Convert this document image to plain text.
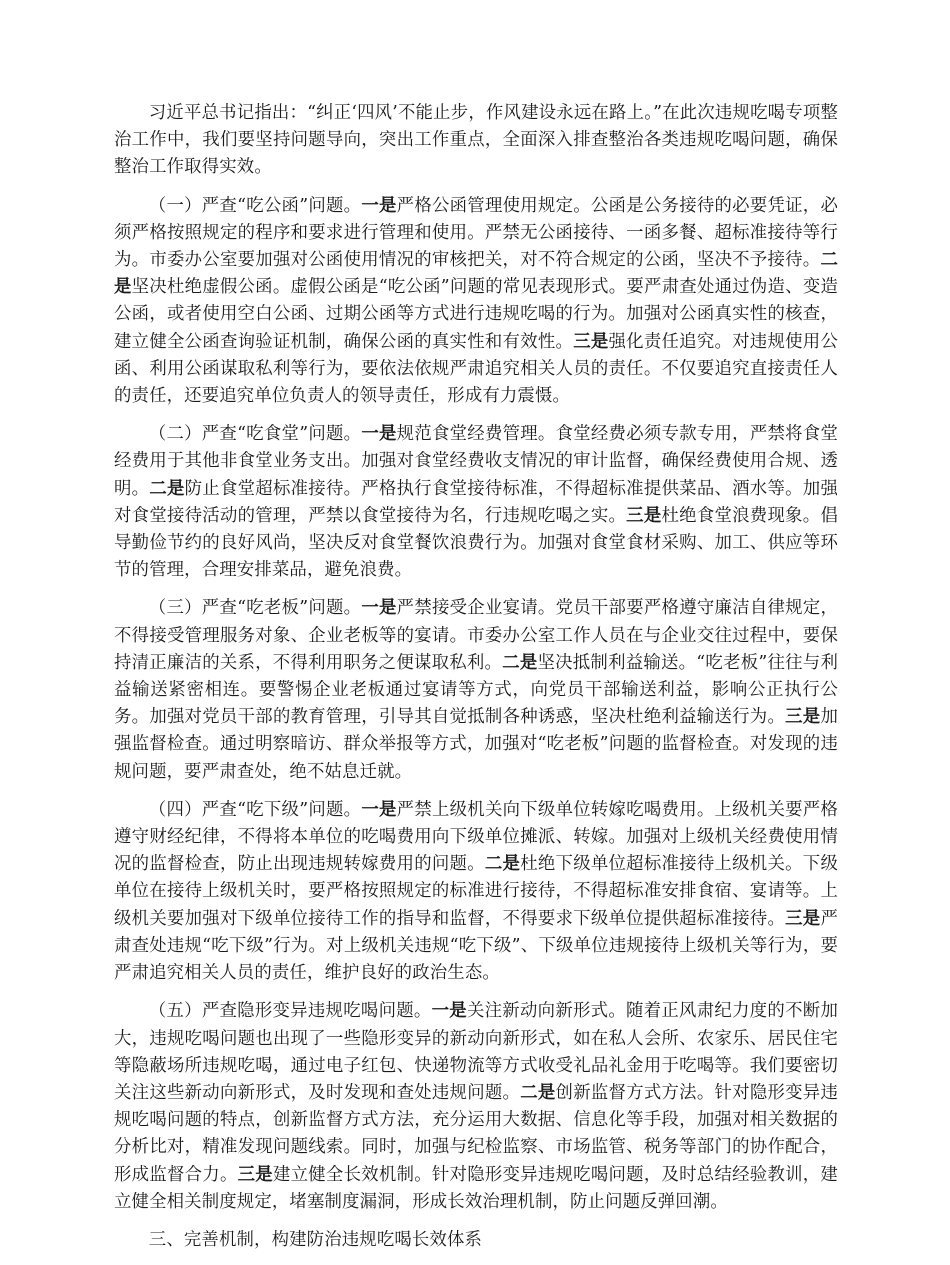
习近平总书记指出：“纠正‘四风’不能止步，作风建设永远在路上。”在此次违规吃喝专项整治工作中，我们要坚持问题导向，突出工作重点，全面深入排查整治各类违规吃喝问题，确保整治工作取得实效。

（一）严查“吃公函”问题。一是严格公函管理使用规定。公函是公务接待的必要凭证，必须严格按照规定的程序和要求进行管理和使用。严禁无公函接待、一函多餐、超标准接待等行为。市委办公室要加强对公函使用情况的审核把关，对不符合规定的公函，坚决不予接待。二是坚决杜绝虚假公函。虚假公函是“吃公函”问题的常见表现形式。要严肃查处通过伪造、变造公函，或者使用空白公函、过期公函等方式进行违规吃喝的行为。加强对公函真实性的核查，建立健全公函查询验证机制，确保公函的真实性和有效性。三是强化责任追究。对违规使用公函、利用公函谋取私利等行为，要依法依规严肃追究相关人员的责任。不仅要追究直接责任人的责任，还要追究单位负责人的领导责任，形成有力震慑。

（二）严查“吃食堂”问题。一是规范食堂经费管理。食堂经费必须专款专用，严禁将食堂经费用于其他非食堂业务支出。加强对食堂经费收支情况的审计监督，确保经费使用合规、透明。二是防止食堂超标准接待。严格执行食堂接待标准，不得超标准提供菜品、酒水等。加强对食堂接待活动的管理，严禁以食堂接待为名，行违规吃喝之实。三是杜绝食堂浪费现象。倡导勤俭节约的良好风尚，坚决反对食堂餐饮浪费行为。加强对食堂食材采购、加工、供应等环节的管理，合理安排菜品，避免浪费。

（三）严查“吃老板”问题。一是严禁接受企业宴请。党员干部要严格遵守廉洁自律规定，不得接受管理服务对象、企业老板等的宴请。市委办公室工作人员在与企业交往过程中，要保持清正廉洁的关系，不得利用职务之便谋取私利。二是坚决抵制利益输送。“吃老板”往往与利益输送紧密相连。要警惕企业老板通过宴请等方式，向党员干部输送利益，影响公正执行公务。加强对党员干部的教育管理，引导其自觉抵制各种诱惑，坚决杜绝利益输送行为。三是加强监督检查。通过明察暗访、群众举报等方式，加强对“吃老板”问题的监督检查。对发现的违规问题，要严肃查处，绝不姑息迁就。

（四）严查“吃下级”问题。一是严禁上级机关向下级单位转嫁吃喝费用。上级机关要严格遵守财经纪律，不得将本单位的吃喝费用向下级单位摊派、转嫁。加强对上级机关经费使用情况的监督检查，防止出现违规转嫁费用的问题。二是杜绝下级单位超标准接待上级机关。下级单位在接待上级机关时，要严格按照规定的标准进行接待，不得超标准安排食宿、宴请等。上级机关要加强对下级单位接待工作的指导和监督，不得要求下级单位提供超标准接待。三是严肃查处违规“吃下级”行为。对上级机关违规“吃下级”、下级单位违规接待上级机关等行为，要严肃追究相关人员的责任，维护良好的政治生态。

（五）严查隐形变异违规吃喝问题。一是关注新动向新形式。随着正风肃纪力度的不断加大，违规吃喝问题也出现了一些隐形变异的新动向新形式，如在私人会所、农家乐、居民住宅等隐蔽场所违规吃喝，通过电子红包、快递物流等方式收受礼品礼金用于吃喝等。我们要密切关注这些新动向新形式，及时发现和查处违规问题。二是创新监督方式方法。针对隐形变异违规吃喝问题的特点，创新监督方式方法，充分运用大数据、信息化等手段，加强对相关数据的分析比对，精准发现问题线索。同时，加强与纪检监察、市场监管、税务等部门的协作配合，形成监督合力。三是建立健全长效机制。针对隐形变异违规吃喝问题，及时总结经验教训，建立健全相关制度规定，堵塞制度漏洞，形成长效治理机制，防止问题反弹回潮。

三、完善机制，构建防治违规吃喝长效体系
